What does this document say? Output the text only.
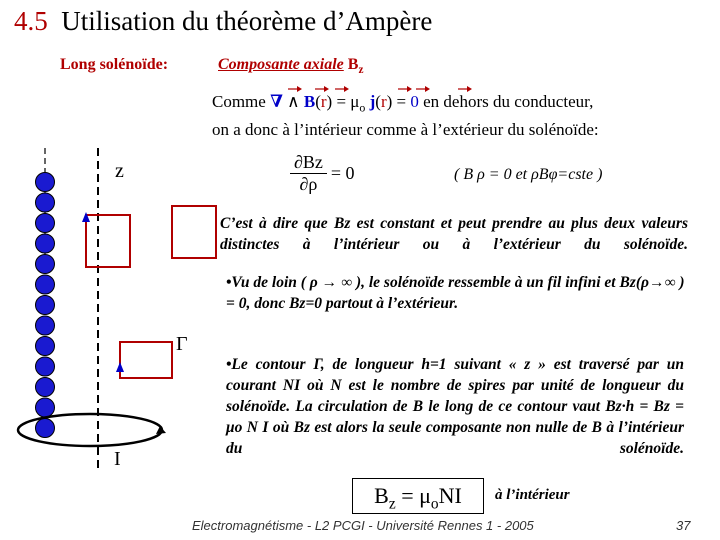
4.5 Utilisation du théorème d’Ampère
Long solénoïde:	Composante axiale $B_z$
Comme ∇ ∧ $B(r) = \mu_o$ j(r) = 0 en dehors du conducteur,
on a donc à l’intérieur comme à l’extérieur du solénoïde:
$\frac{\partial Bz}{\partial\rho} = 0$	( B ρ = 0 et ρBφ=cste )
z
Γ
I
C’est à dire que Bz est constant et peut prendre au plus deux valeurs distinctes à l’intérieur ou à l’extérieur du solénoïde.
•Vu de loin ( ρ → ∞ ), le solénoïde ressemble à un fil infini et Bz(ρ→∞ ) = 0, donc Bz=0 partout à l’extérieur.
•Le contour Γ, de longueur h=1 suivant « z » est traversé par un courant NI où N est le nombre de spires par unité de longueur du solénoïde. La circulation de B le long de ce contour vaut Bz·h = Bz = μo N I où Bz est alors la seule composante non nulle de B à l’intérieur du solénoïde.
$B_z = \mu_oNI$	à l’intérieur
Electromagnétisme - L2 PCGI - Université Rennes 1 - 2005	37
